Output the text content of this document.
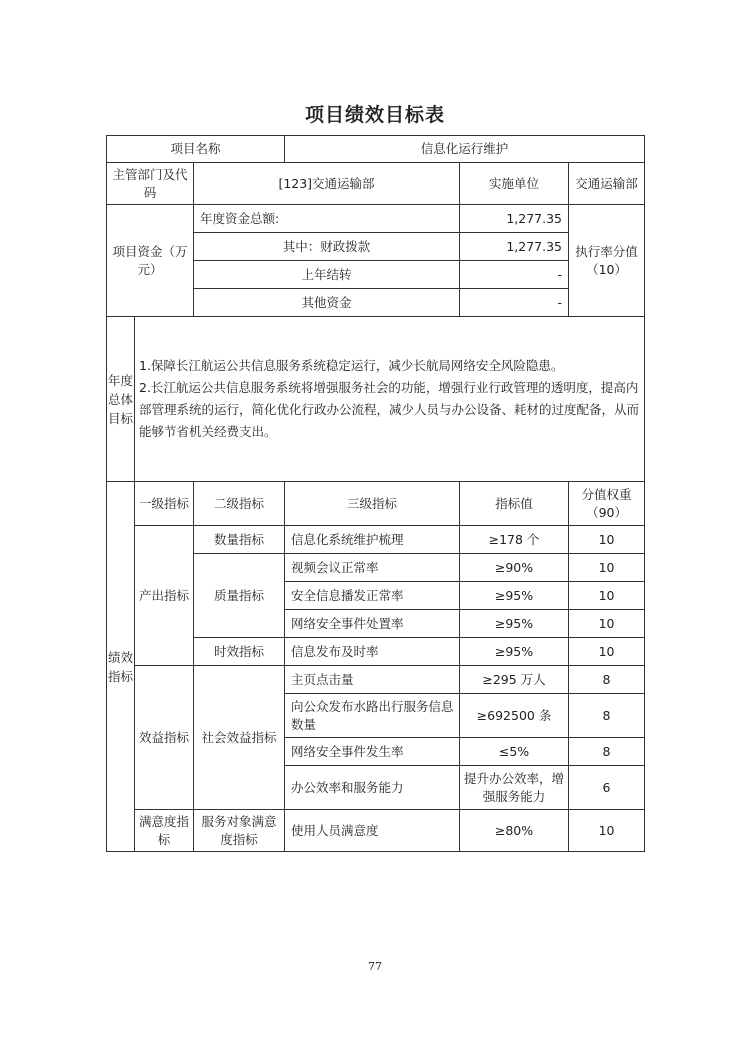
项目绩效目标表
项目名称			信息化运行维护		
主管部门及代码		[123]交通运输部		实施单位	交通运输部
项目资金（万元）		年度资金总额:		1,277.35	执行率分值（10）
		其中：财政拨款		1,277.35	
		上年结转		-	
		其他资金		-	
年度总体目标	1.保障长江航运公共信息服务系统稳定运行，减少长航局网络安全风险隐患。
2.长江航运公共信息服务系统将增强服务社会的功能，增强行业行政管理的透明度，提高内部管理系统的运行，简化优化行政办公流程，减少人员与办公设备、耗材的过度配备，从而能够节省机关经费支出。				

绩效指标	一级指标	二级指标	三级指标	指标值	分值权重（90）
	产出指标	数量指标	信息化系统维护梳理	≥178 个	10
		质量指标	视频会议正常率	≥90%	10
			安全信息播发正常率	≥95%	10
			网络安全事件处置率	≥95%	10
		时效指标	信息发布及时率	≥95%	10
	效益指标	社会效益指标	主页点击量	≥295 万人	8
			向公众发布水路出行服务信息数量	≥692500 条	8
			网络安全事件发生率	≤5%	8
			办公效率和服务能力	提升办公效率，增强服务能力	6
	满意度指标	服务对象满意度指标	使用人员满意度	≥80%	10
77
